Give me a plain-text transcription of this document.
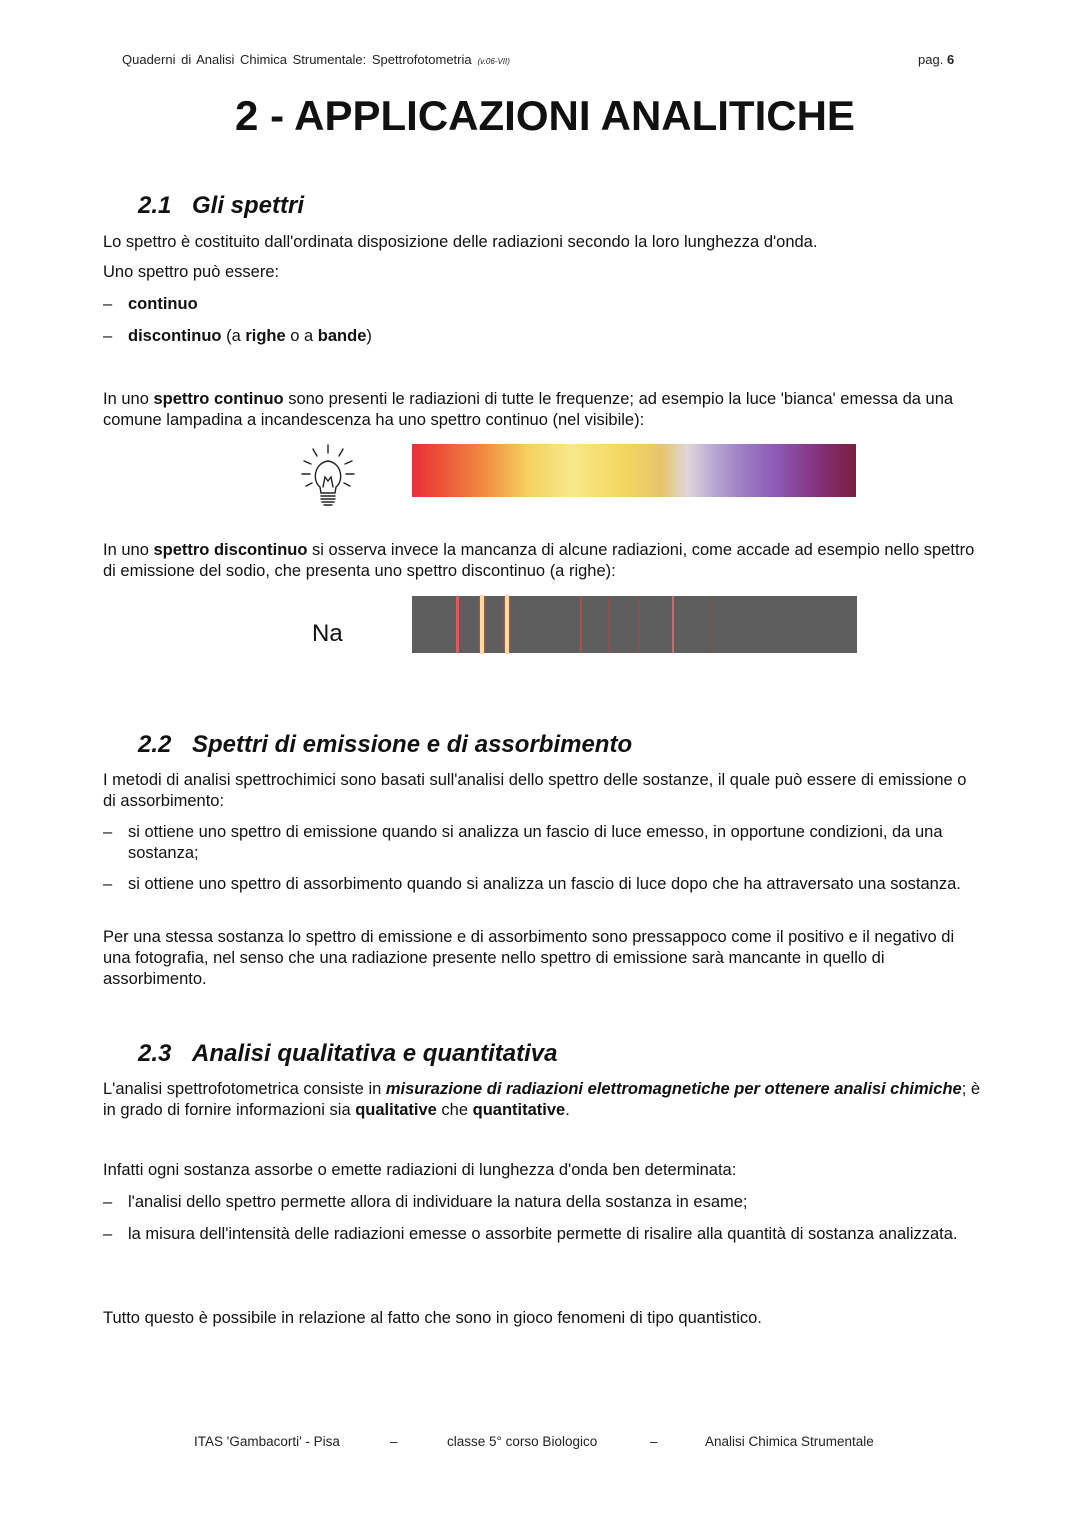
Quaderni di Analisi Chimica Strumentale: Spettrofotometria (v.06-VII)	pag. 6
2 - APPLICAZIONI ANALITICHE
2.1 Gli spettri
Lo spettro è costituito dall'ordinata disposizione delle radiazioni secondo la loro lunghezza d'onda.
Uno spettro può essere:
– continuo
– discontinuo (a righe o a bande)
In uno spettro continuo sono presenti le radiazioni di tutte le frequenze; ad esempio la luce 'bianca' emessa da una comune lampadina a incandescenza ha uno spettro continuo (nel visibile):
In uno spettro discontinuo si osserva invece la mancanza di alcune radiazioni, come accade ad esempio nello spettro di emissione del sodio, che presenta uno spettro discontinuo (a righe):
Na
2.2 Spettri di emissione e di assorbimento
I metodi di analisi spettrochimici sono basati sull'analisi dello spettro delle sostanze, il quale può essere di emissione o di assorbimento:
– si ottiene uno spettro di emissione quando si analizza un fascio di luce emesso, in opportune condizioni, da una sostanza;
– si ottiene uno spettro di assorbimento quando si analizza un fascio di luce dopo che ha attraversato una sostanza.
Per una stessa sostanza lo spettro di emissione e di assorbimento sono pressappoco come il positivo e il negativo di una fotografia, nel senso che una radiazione presente nello spettro di emissione sarà mancante in quello di assorbimento.
2.3 Analisi qualitativa e quantitativa
L'analisi spettrofotometrica consiste in misurazione di radiazioni elettromagnetiche per ottenere analisi chimiche; è in grado di fornire informazioni sia qualitative che quantitative.
Infatti ogni sostanza assorbe o emette radiazioni di lunghezza d'onda ben determinata:
– l'analisi dello spettro permette allora di individuare la natura della sostanza in esame;
– la misura dell'intensità delle radiazioni emesse o assorbite permette di risalire alla quantità di sostanza analizzata.
Tutto questo è possibile in relazione al fatto che sono in gioco fenomeni di tipo quantistico.
ITAS 'Gambacorti' - Pisa	–	classe 5° corso Biologico	–	Analisi Chimica Strumentale
